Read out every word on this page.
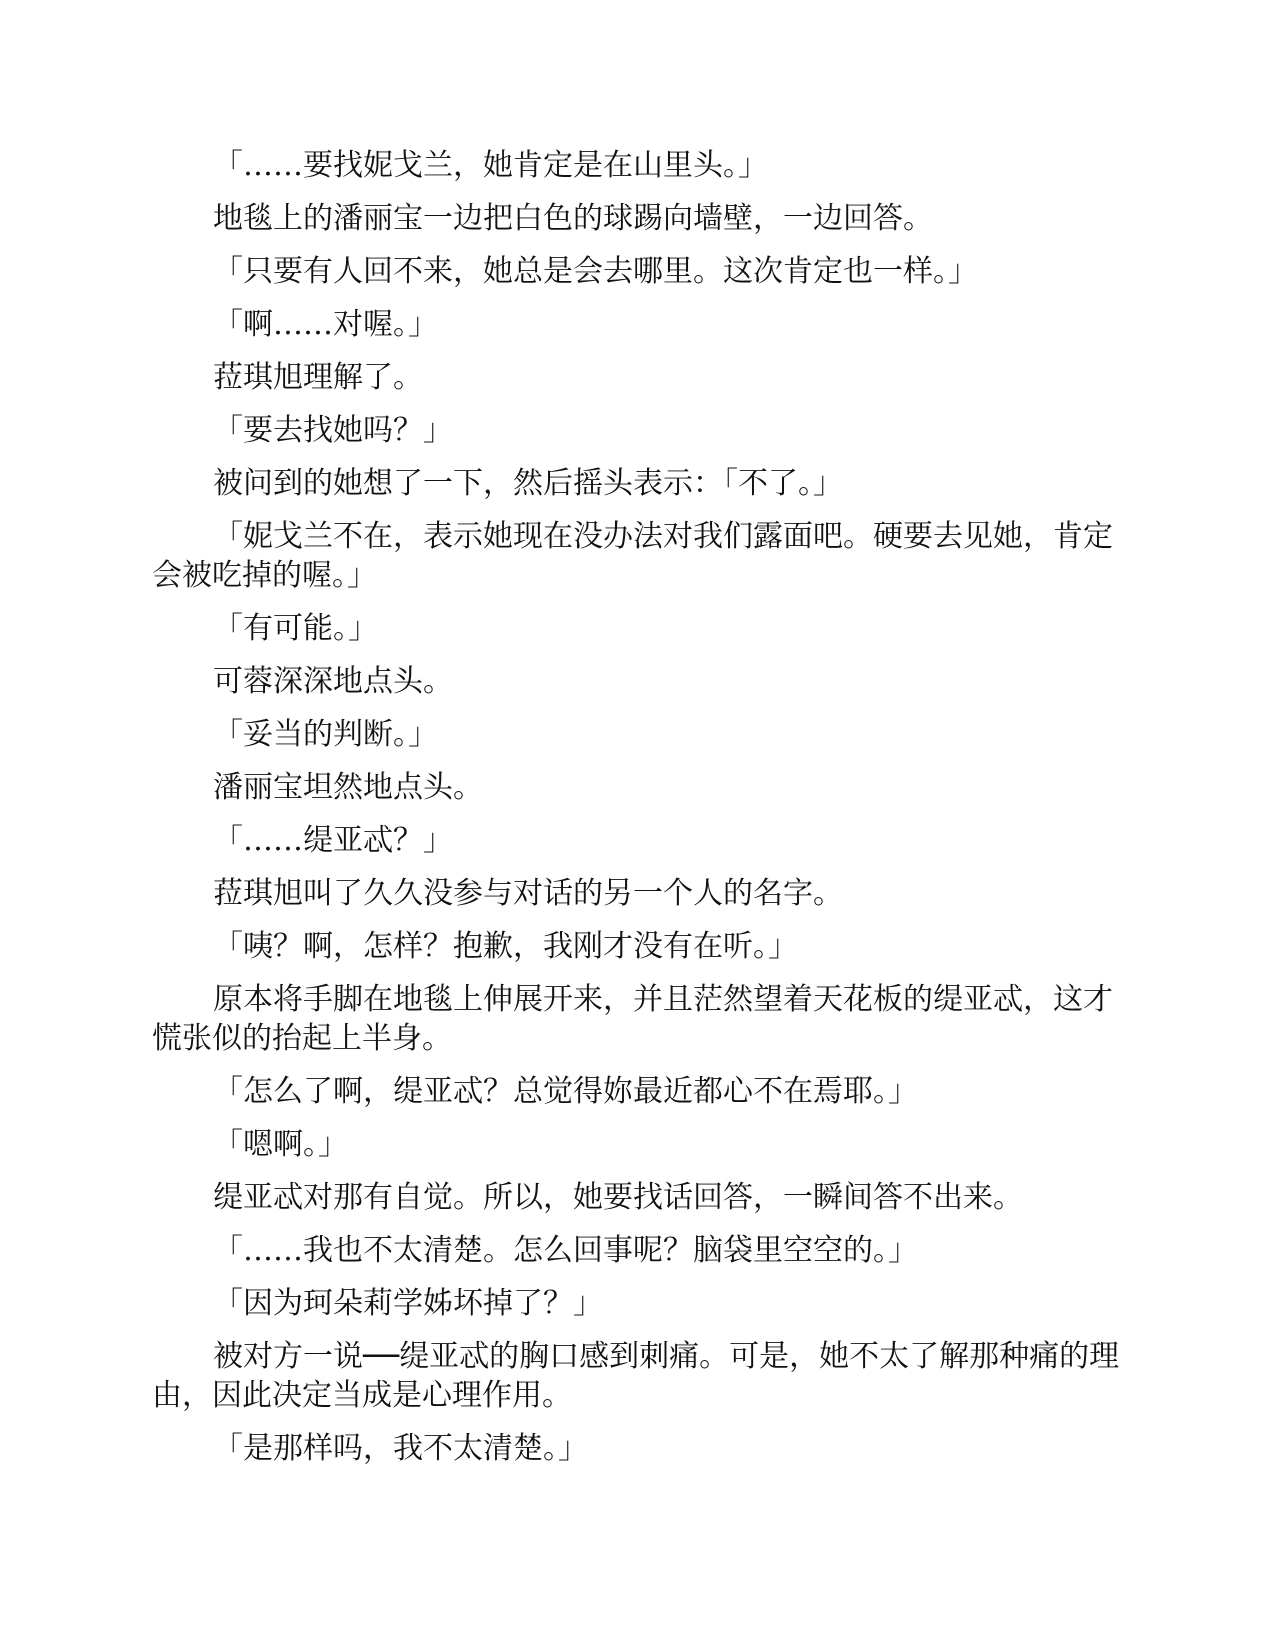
「……要找妮戈兰，她肯定是在山里头。」

地毯上的潘丽宝一边把白色的球踢向墙壁，一边回答。

「只要有人回不来，她总是会去哪里。这次肯定也一样。」

「啊……对喔。」

菈琪旭理解了。

「要去找她吗？」

被问到的她想了一下，然后摇头表示：「不了。」

「妮戈兰不在，表示她现在没办法对我们露面吧。硬要去见她，肯定会被吃掉的喔。」

「有可能。」

可蓉深深地点头。

「妥当的判断。」

潘丽宝坦然地点头。

「……缇亚忒？」

菈琪旭叫了久久没参与对话的另一个人的名字。

「咦？啊，怎样？抱歉，我刚才没有在听。」

原本将手脚在地毯上伸展开来，并且茫然望着天花板的缇亚忒，这才慌张似的抬起上半身。

「怎么了啊，缇亚忒？总觉得妳最近都心不在焉耶。」

「嗯啊。」

缇亚忒对那有自觉。所以，她要找话回答，一瞬间答不出来。

「……我也不太清楚。怎么回事呢？脑袋里空空的。」

「因为珂朵莉学姊坏掉了？」

被对方一说──缇亚忒的胸口感到刺痛。可是，她不太了解那种痛的理由，因此决定当成是心理作用。

「是那样吗，我不太清楚。」
